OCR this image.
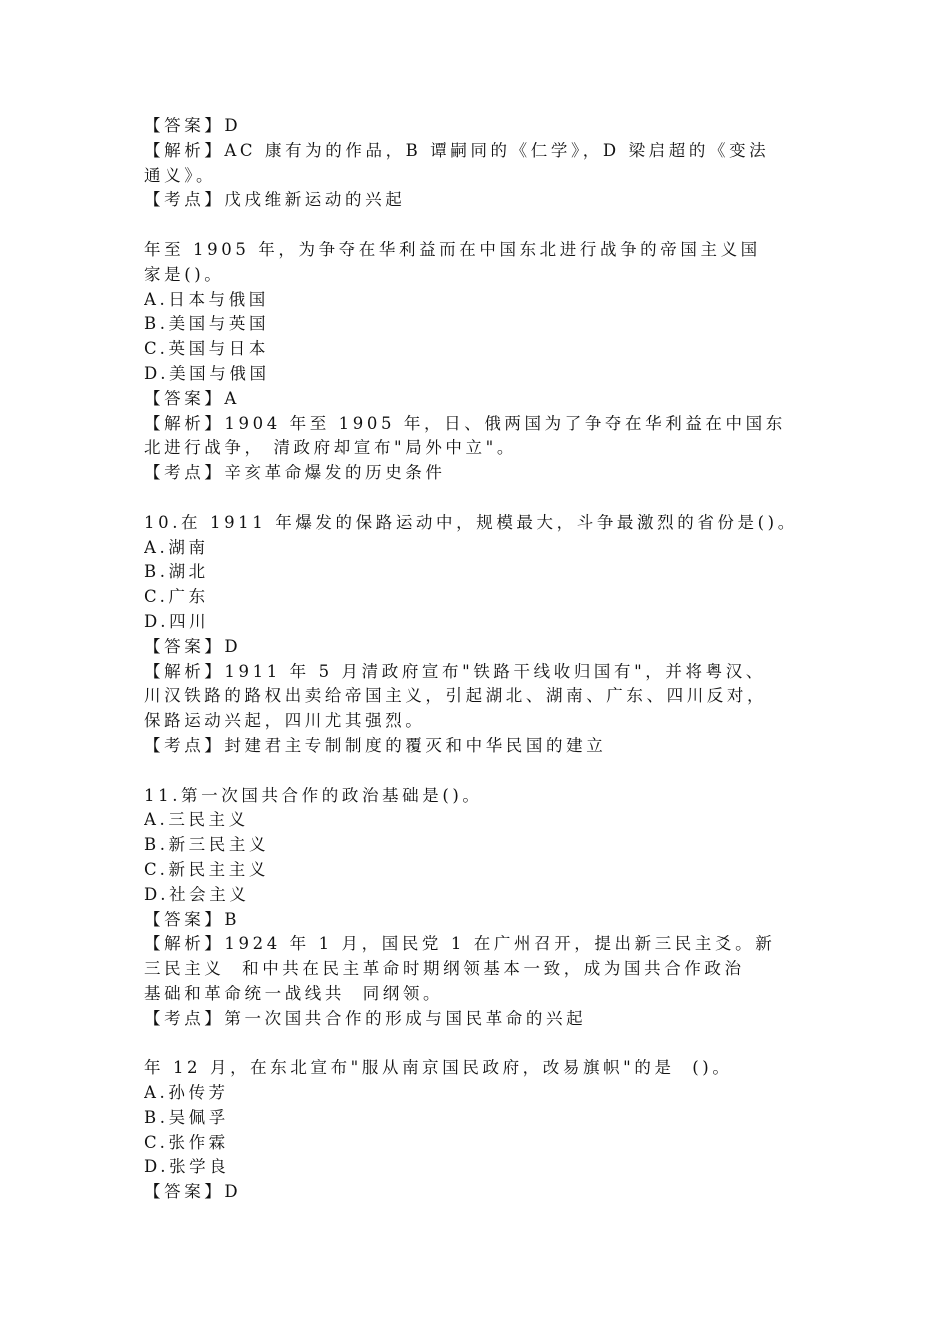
【答案】D
【解析】AC 康有为的作品，B 谭嗣同的《仁学》，D 梁启超的《变法
通义》。
【考点】戊戌维新运动的兴起
年至 1905 年，为争夺在华利益而在中国东北进行战争的帝国主义国
家是()。
A.日本与俄国
B.美国与英国
C.英国与日本
D.美国与俄国
【答案】A
【解析】1904 年至 1905 年，日、俄两国为了争夺在华利益在中国东
北进行战争， 清政府却宣布"局外中立"。
【考点】辛亥革命爆发的历史条件
10.在 1911 年爆发的保路运动中，规模最大，斗争最激烈的省份是()。
A.湖南
B.湖北
C.广东
D.四川
【答案】D
【解析】1911 年 5 月清政府宣布"铁路干线收归国有"，并将粤汉、
川汉铁路的路权出卖给帝国主义，引起湖北、湖南、广东、四川反对，
保路运动兴起，四川尤其强烈。
【考点】封建君主专制制度的覆灭和中华民国的建立
11.第一次国共合作的政治基础是()。
A.三民主义
B.新三民主义
C.新民主主义
D.社会主义
【答案】B
【解析】1924 年 1 月，国民党 1 在广州召开，提出新三民主爻。新
三民主义  和中共在民主革命时期纲领基本一致，成为国共合作政治
基础和革命统一战线共  同纲领。
【考点】第一次国共合作的形成与国民革命的兴起
年 12 月，在东北宣布"服从南京国民政府，改易旗帜"的是  ()。
A.孙传芳
B.吴佩孚
C.张作霖
D.张学良
【答案】D
